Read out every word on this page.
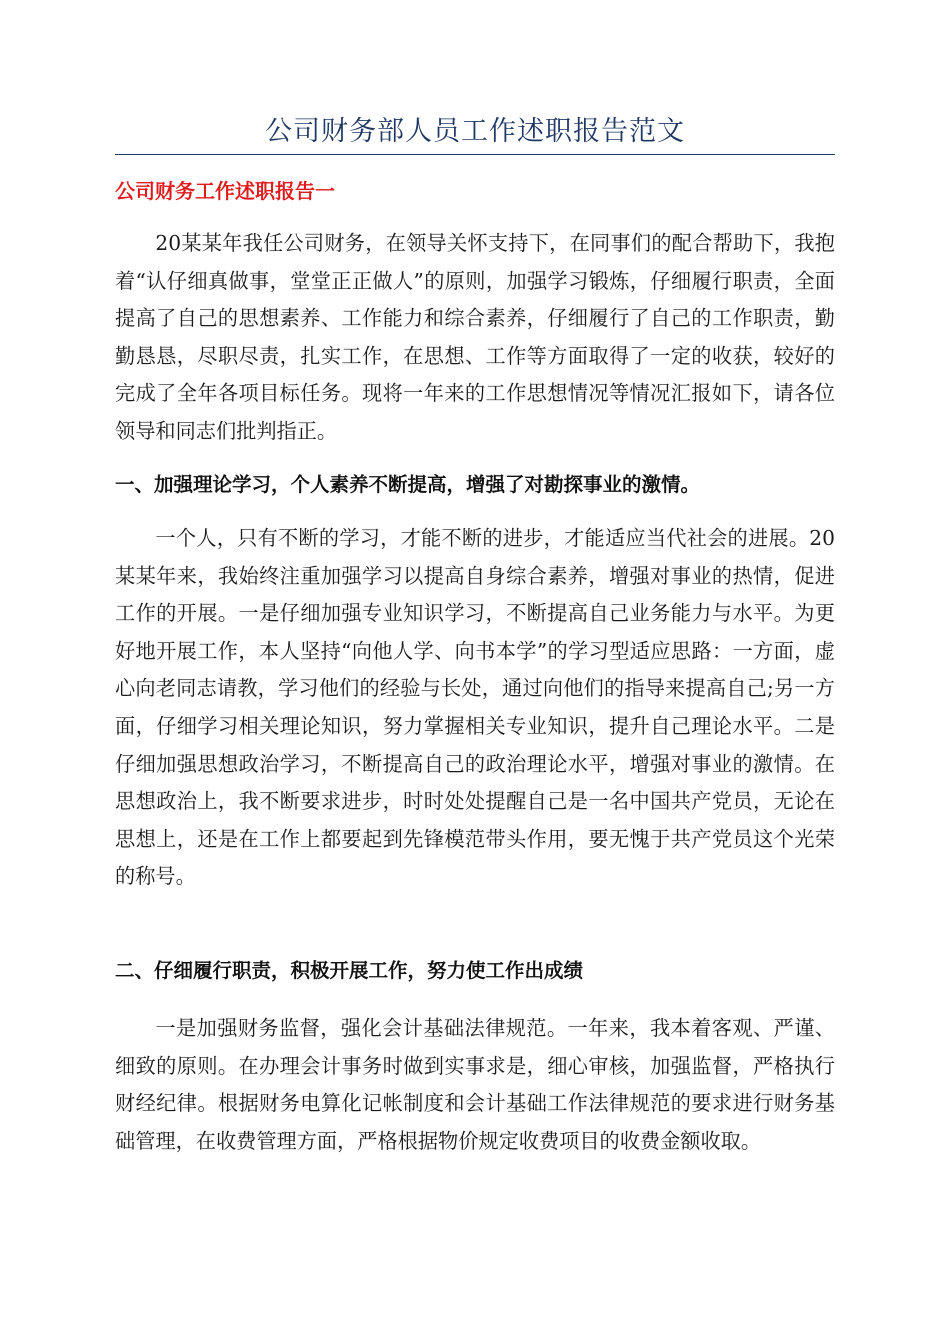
公司财务部人员工作述职报告范文
公司财务工作述职报告一

20某某年我任公司财务，在领导关怀支持下，在同事们的配合帮助下，我抱着“认仔细真做事，堂堂正正做人”的原则，加强学习锻炼，仔细履行职责，全面提高了自己的思想素养、工作能力和综合素养，仔细履行了自己的工作职责，勤勤恳恳，尽职尽责，扎实工作，在思想、工作等方面取得了一定的收获，较好的完成了全年各项目标任务。现将一年来的工作思想情况等情况汇报如下，请各位领导和同志们批判指正。

一、加强理论学习，个人素养不断提高，增强了对勘探事业的激情。

一个人，只有不断的学习，才能不断的进步，才能适应当代社会的进展。20某某年来，我始终注重加强学习以提高自身综合素养，增强对事业的热情，促进工作的开展。一是仔细加强专业知识学习，不断提高自己业务能力与水平。为更好地开展工作，本人坚持“向他人学、向书本学”的学习型适应思路：一方面，虚心向老同志请教，学习他们的经验与长处，通过向他们的指导来提高自己;另一方面，仔细学习相关理论知识，努力掌握相关专业知识，提升自己理论水平。二是仔细加强思想政治学习，不断提高自己的政治理论水平，增强对事业的激情。在思想政治上，我不断要求进步，时时处处提醒自己是一名中国共产党员，无论在思想上，还是在工作上都要起到先锋模范带头作用，要无愧于共产党员这个光荣的称号。

二、仔细履行职责，积极开展工作，努力使工作出成绩

一是加强财务监督，强化会计基础法律规范。一年来，我本着客观、严谨、细致的原则。在办理会计事务时做到实事求是，细心审核，加强监督，严格执行财经纪律。根据财务电算化记帐制度和会计基础工作法律规范的要求进行财务基础管理，在收费管理方面，严格根据物价规定收费项目的收费金额收取。
